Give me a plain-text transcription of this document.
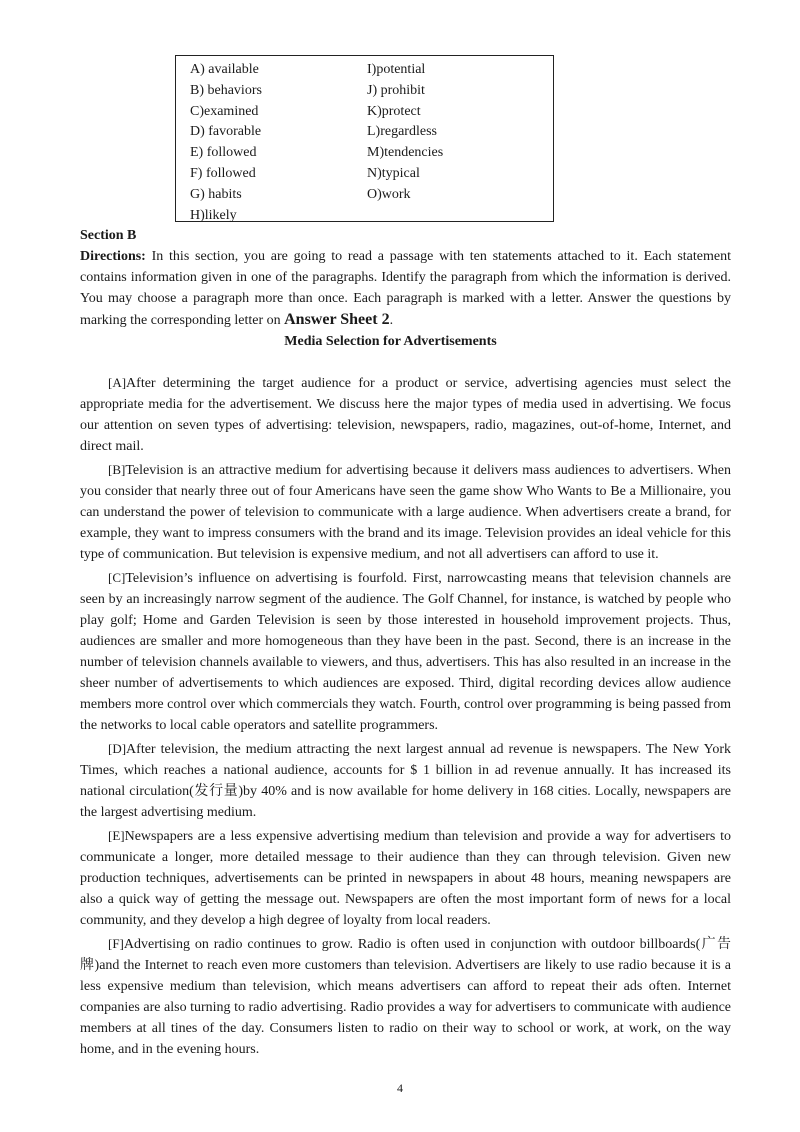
A) available
B) behaviors
C)examined
D) favorable
E) followed
F) followed
G) habits
H)likely
I)potential
J) prohibit
K)protect
L)regardless
M)tendencies
N)typical
O)work
Section B

Directions: In this section, you are going to read a passage with ten statements attached to it. Each statement contains information given in one of the paragraphs. Identify the paragraph from which the information is derived. You may choose a paragraph more than once. Each paragraph is marked with a letter. Answer the questions by marking the corresponding letter on Answer Sheet 2.

Media Selection for Advertisements

[A]After determining the target audience for a product or service, advertising agencies must select the appropriate media for the advertisement. We discuss here the major types of media used in advertising. We focus our attention on seven types of advertising: television, newspapers, radio, magazines, out-of-home, Internet, and direct mail.

[B]Television is an attractive medium for advertising because it delivers mass audiences to advertisers. When you consider that nearly three out of four Americans have seen the game show Who Wants to Be a Millionaire, you can understand the power of television to communicate with a large audience. When advertisers create a brand, for example, they want to impress consumers with the brand and its image. Television provides an ideal vehicle for this type of communication. But television is expensive medium, and not all advertisers can afford to use it.

[C]Television’s influence on advertising is fourfold. First, narrowcasting means that television channels are seen by an increasingly narrow segment of the audience. The Golf Channel, for instance, is watched by people who play golf; Home and Garden Television is seen by those interested in household improvement projects. Thus, audiences are smaller and more homogeneous than they have been in the past. Second, there is an increase in the number of television channels available to viewers, and thus, advertisers. This has also resulted in an increase in the sheer number of advertisements to which audiences are exposed. Third, digital recording devices allow audience members more control over which commercials they watch. Fourth, control over programming is being passed from the networks to local cable operators and satellite programmers.

[D]After television, the medium attracting the next largest annual ad revenue is newspapers. The New York Times, which reaches a national audience, accounts for $ 1 billion in ad revenue annually. It has increased its national circulation(发行量)by 40% and is now available for home delivery in 168 cities. Locally, newspapers are the largest advertising medium.

[E]Newspapers are a less expensive advertising medium than television and provide a way for advertisers to communicate a longer, more detailed message to their audience than they can through television. Given new production techniques, advertisements can be printed in newspapers in about 48 hours, meaning newspapers are also a quick way of getting the message out. Newspapers are often the most important form of news for a local community, and they develop a high degree of loyalty from local readers.

[F]Advertising on radio continues to grow. Radio is often used in conjunction with outdoor billboards(广告牌)and the Internet to reach even more customers than television. Advertisers are likely to use radio because it is a less expensive medium than television, which means advertisers can afford to repeat their ads often. Internet companies are also turning to radio advertising. Radio provides a way for advertisers to communicate with audience members at all tines of the day. Consumers listen to radio on their way to school or work, at work, on the way home, and in the evening hours.

4
